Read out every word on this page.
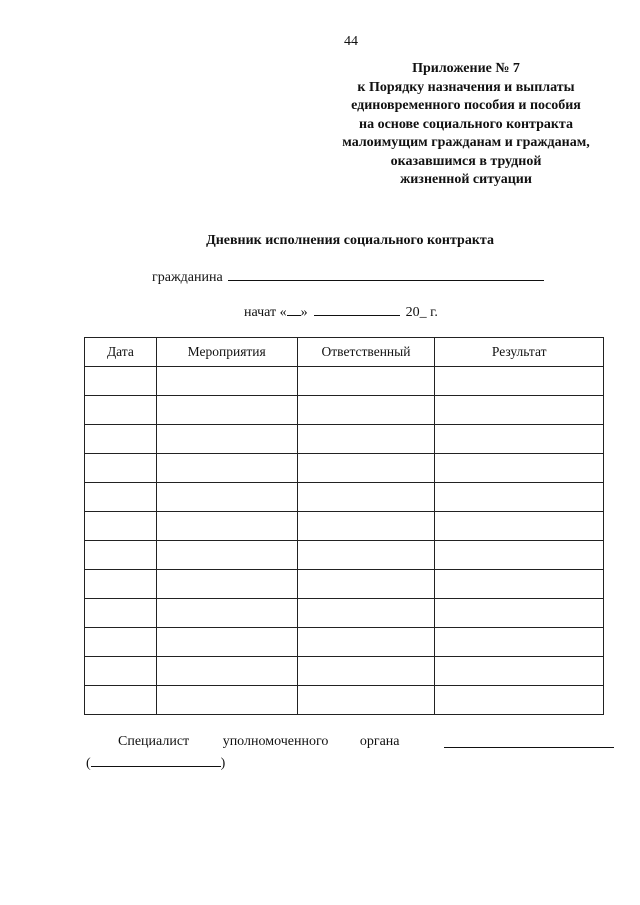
44
Приложение № 7
к Порядку назначения и выплаты
единовременного пособия и пособия
на основе социального контракта
малоимущим гражданам и гражданам,
оказавшимся в трудной
жизненной ситуации
Дневник исполнения социального контракта
гражданина
начат « »	20_ г.
Дата	Мероприятия	Ответственный	Результат

Специалист уполномоченного органа
(	)
